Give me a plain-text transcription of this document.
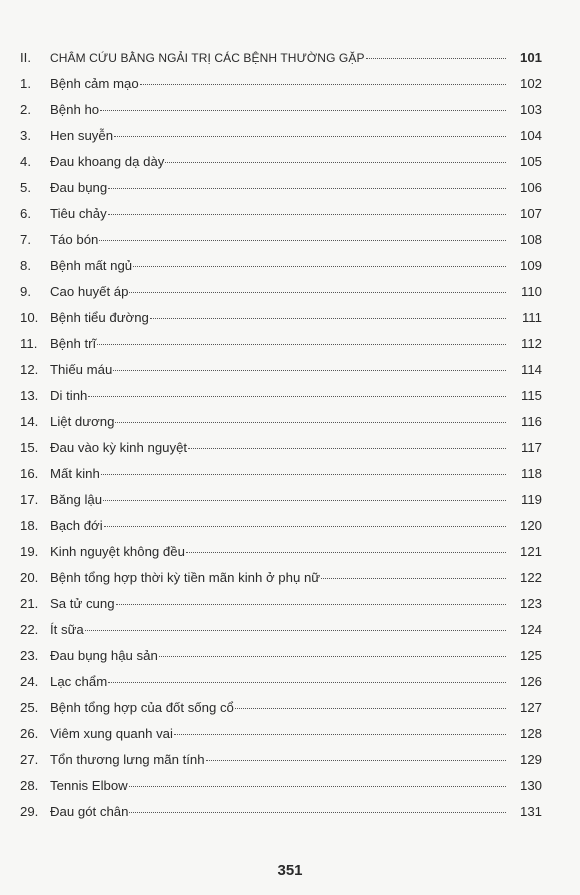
II.	CHÂM CỨU BẰNG NGẢI TRỊ CÁC BỆNH THƯỜNG GẶP	101
1.	Bệnh cảm mạo	102
2.	Bệnh ho	103
3.	Hen suyễn	104
4.	Đau khoang dạ dày	105
5.	Đau bụng	106
6.	Tiêu chảy	107
7.	Táo bón	108
8.	Bệnh mất ngủ	109
9.	Cao huyết áp	110
10. Bệnh tiểu đường	111
11. Bệnh trĩ	112
12. Thiếu máu	114
13. Di tinh	115
14. Liệt dương	116
15. Đau vào kỳ kinh nguyệt	117
16. Mất kinh	118
17. Băng lậu	119
18. Bạch đới	120
19. Kinh nguyệt không đều	121
20. Bệnh tổng hợp thời kỳ tiền mãn kinh ở phụ nữ	122
21. Sa tử cung	123
22. Ít sữa	124
23. Đau bụng hậu sản	125
24. Lạc chẩm	126
25. Bệnh tổng hợp của đốt sống cổ	127
26. Viêm xung quanh vai	128
27. Tổn thương lưng mãn tính	129
28. Tennis Elbow	130
29. Đau gót chân	131
351
